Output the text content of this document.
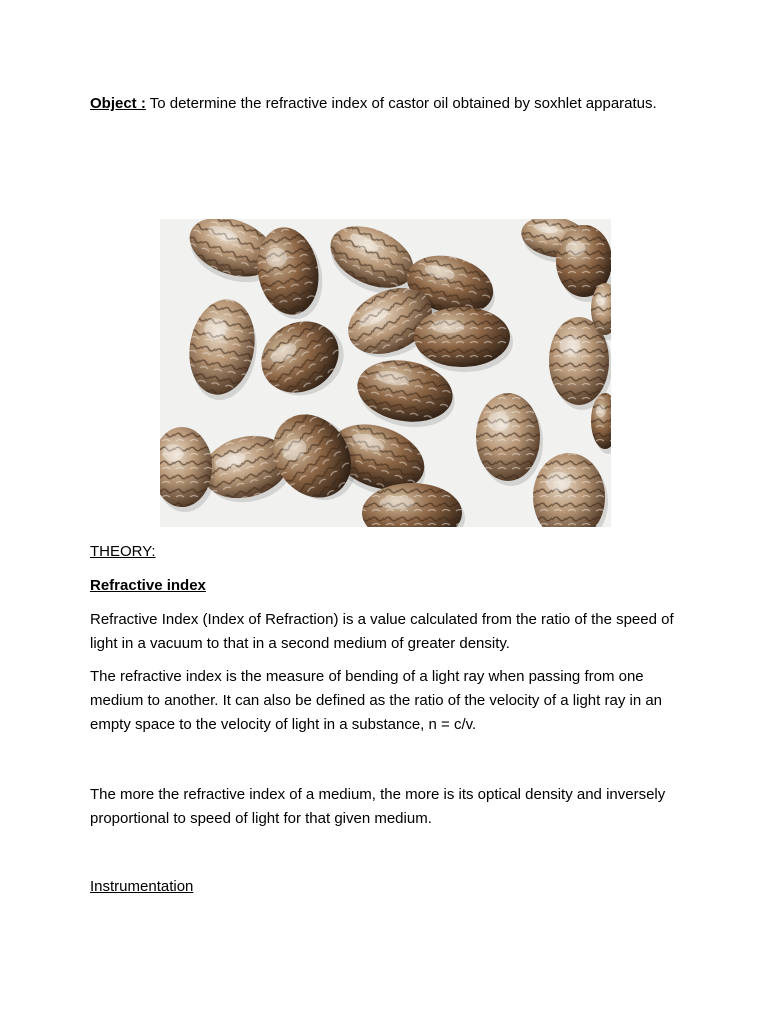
Object : To determine the refractive index of castor oil obtained by soxhlet apparatus.
THEORY:
Refractive index
Refractive Index (Index of Refraction) is a value calculated from the ratio of the speed of light in a vacuum to that in a second medium of greater density.
The refractive index is the measure of bending of a light ray when passing from one medium to another. It can also be defined as the ratio of the velocity of a light ray in an empty space to the velocity of light in a substance, n = c/v.
The more the refractive index of a medium, the more is its optical density and inversely proportional to speed of light for that given medium.
Instrumentation
